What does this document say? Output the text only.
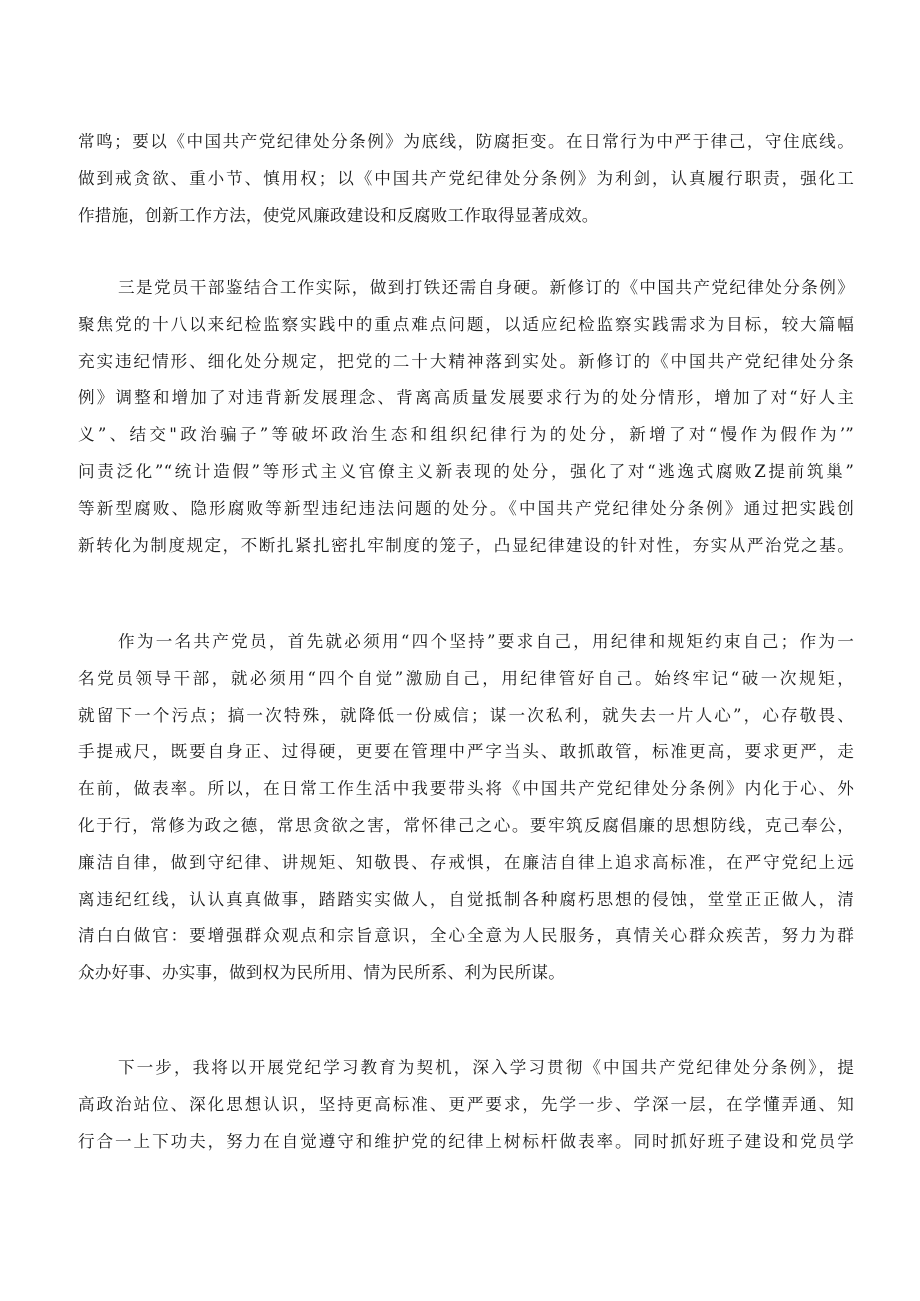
常鸣；要以《中国共产党纪律处分条例》为底线，防腐拒变。在日常行为中严于律己，守住底线。
做到戒贪欲、重小节、慎用权；以《中国共产党纪律处分条例》为利剑，认真履行职责，强化工
作措施，创新工作方法，使党风廉政建设和反腐败工作取得显著成效。
三是党员干部鉴结合工作实际，做到打铁还需自身硬。新修订的《中国共产党纪律处分条例》
聚焦党的十八以来纪检监察实践中的重点难点问题，以适应纪检监察实践需求为目标，较大篇幅
充实违纪情形、细化处分规定，把党的二十大精神落到实处。新修订的《中国共产党纪律处分条
例》调整和增加了对违背新发展理念、背离高质量发展要求行为的处分情形，增加了对“好人主
义”、结交"政治骗子”等破坏政治生态和组织纪律行为的处分，新增了对“慢作为假作为’”
问责泛化”“统计造假”等形式主义官僚主义新表现的处分，强化了对“逃逸式腐败Z提前筑巢”
等新型腐败、隐形腐败等新型违纪违法问题的处分。《中国共产党纪律处分条例》通过把实践创
新转化为制度规定，不断扎紧扎密扎牢制度的笼子，凸显纪律建设的针对性，夯实从严治党之基。
作为一名共产党员，首先就必须用“四个坚持”要求自己，用纪律和规矩约束自己；作为一
名党员领导干部，就必须用“四个自觉”激励自己，用纪律管好自己。始终牢记“破一次规矩，
就留下一个污点；搞一次特殊，就降低一份威信；谋一次私利，就失去一片人心”，心存敬畏、
手提戒尺，既要自身正、过得硬，更要在管理中严字当头、敢抓敢管，标准更高，要求更严，走
在前，做表率。所以，在日常工作生活中我要带头将《中国共产党纪律处分条例》内化于心、外
化于行，常修为政之德，常思贪欲之害，常怀律己之心。要牢筑反腐倡廉的思想防线，克己奉公，
廉洁自律，做到守纪律、讲规矩、知敬畏、存戒惧，在廉洁自律上追求高标准，在严守党纪上远
离违纪红线，认认真真做事，踏踏实实做人，自觉抵制各种腐朽思想的侵蚀，堂堂正正做人，清
清白白做官：要增强群众观点和宗旨意识，全心全意为人民服务，真情关心群众疾苦，努力为群
众办好事、办实事，做到权为民所用、情为民所系、利为民所谋。
下一步，我将以开展党纪学习教育为契机，深入学习贯彻《中国共产党纪律处分条例》，提
高政治站位、深化思想认识，坚持更高标准、更严要求，先学一步、学深一层，在学懂弄通、知
行合一上下功夫，努力在自觉遵守和维护党的纪律上树标杆做表率。同时抓好班子建设和党员学
